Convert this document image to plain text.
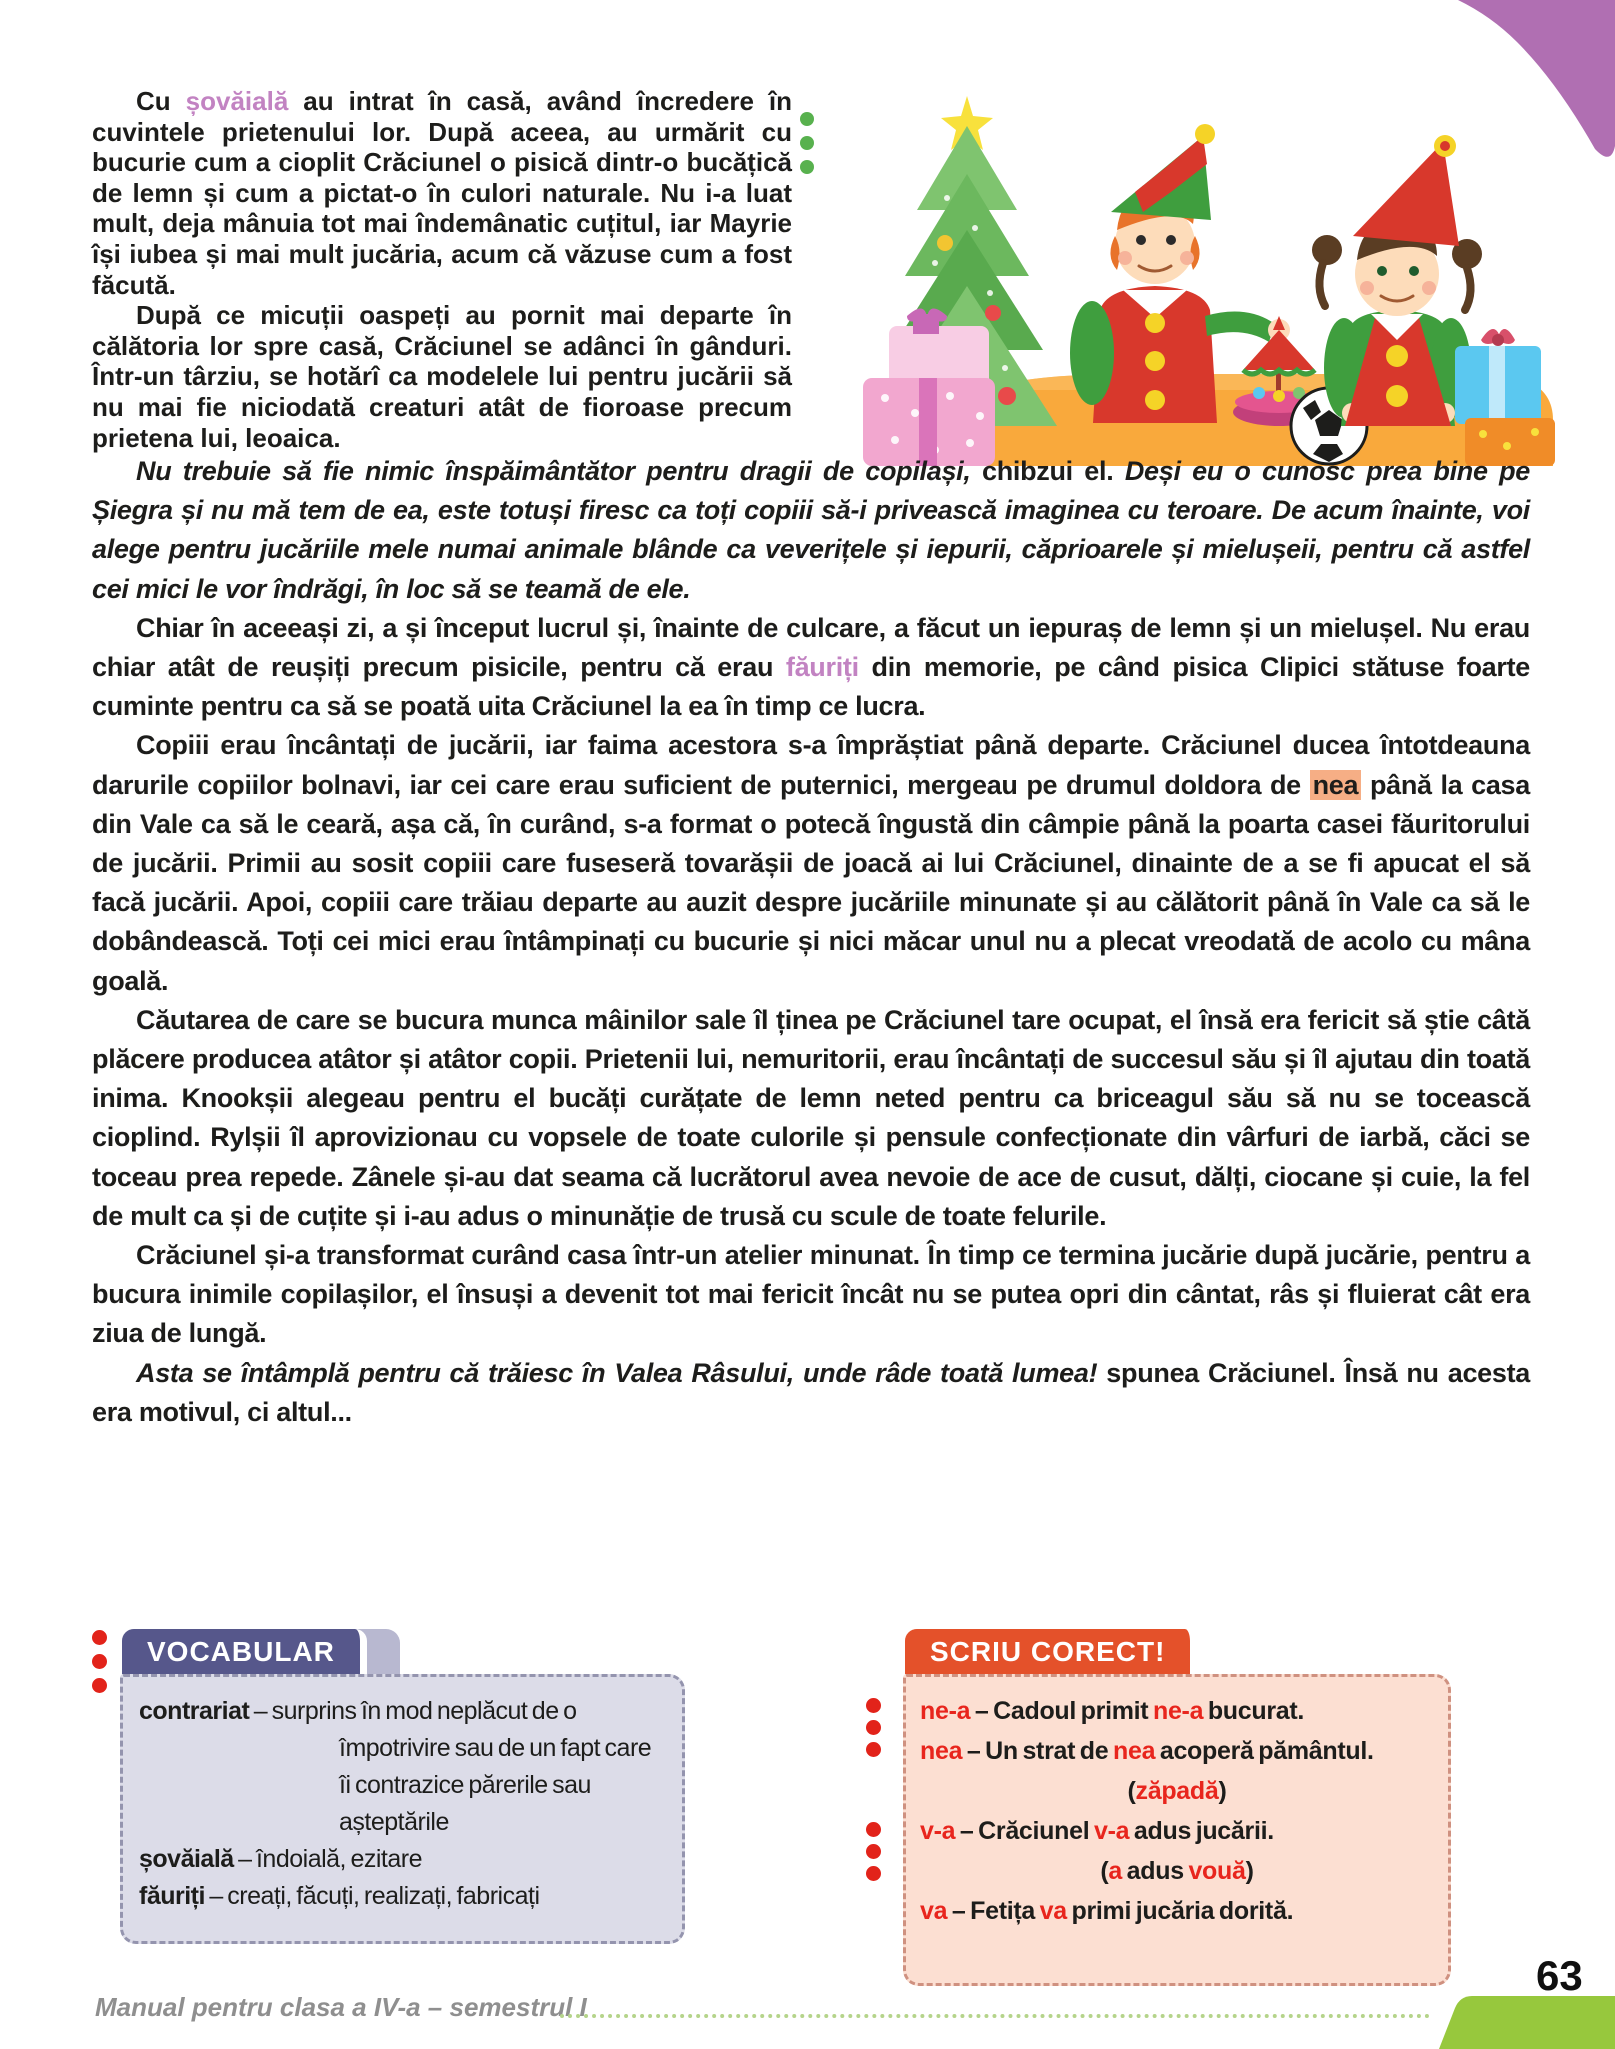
Cu șovăială au intrat în casă, având încredere în cuvintele prietenului lor. După aceea, au urmărit cu bucurie cum a cioplit Crăciunel o pisică dintr-o bucățică de lemn și cum a pictat-o în culori naturale. Nu i-a luat mult, deja mânuia tot mai îndemânatic cuțitul, iar Mayrie își iubea și mai mult jucăria, acum că văzuse cum a fost făcută.

După ce micuții oaspeți au pornit mai departe în călătoria lor spre casă, Crăciunel se adânci în gânduri. Într-un târziu, se hotărî ca modelele lui pentru jucării să nu mai fie niciodată creaturi atât de fioroase precum prietena lui, leoaica.

Nu trebuie să fie nimic înspăimântător pentru dragii de copilași, chibzui el. Deși eu o cunosc prea bine pe Șiegra și nu mă tem de ea, este totuși firesc ca toți copiii să-i privească imaginea cu teroare. De acum înainte, voi alege pentru jucăriile mele numai animale blânde ca veverițele și iepurii, căprioarele și mielușeii, pentru că astfel cei mici le vor îndrăgi, în loc să se teamă de ele.

Chiar în aceeași zi, a și început lucrul și, înainte de culcare, a făcut un iepuraș de lemn și un mielușel. Nu erau chiar atât de reușiți precum pisicile, pentru că erau făuriți din memorie, pe când pisica Clipici stătuse foarte cuminte pentru ca să se poată uita Crăciunel la ea în timp ce lucra.

Copiii erau încântați de jucării, iar faima acestora s-a împrăștiat până departe. Crăciunel ducea întotdeauna darurile copiilor bolnavi, iar cei care erau suficient de puternici, mergeau pe drumul doldora de nea până la casa din Vale ca să le ceară, așa că, în curând, s-a format o potecă îngustă din câmpie până la poarta casei făuritorului de jucării. Primii au sosit copiii care fuseseră tovarășii de joacă ai lui Crăciunel, dinainte de a se fi apucat el să facă jucării. Apoi, copiii care trăiau departe au auzit despre jucăriile minunate și au călătorit până în Vale ca să le dobândească. Toți cei mici erau întâmpinați cu bucurie și nici măcar unul nu a plecat vreodată de acolo cu mâna goală.

Căutarea de care se bucura munca mâinilor sale îl ținea pe Crăciunel tare ocupat, el însă era fericit să știe câtă plăcere producea atâtor și atâtor copii. Prietenii lui, nemuritorii, erau încântați de succesul său și îl ajutau din toată inima. Knookșii alegeau pentru el bucăți curățate de lemn neted pentru ca briceagul său să nu se tocească cioplind. Rylșii îl aprovizionau cu vopsele de toate culorile și pensule confecționate din vârfuri de iarbă, căci se toceau prea repede. Zânele și-au dat seama că lucrătorul avea nevoie de ace de cusut, dălți, ciocane și cuie, la fel de mult ca și de cuțite și i-au adus o minunăție de trusă cu scule de toate felurile.

Crăciunel și-a transformat curând casa într-un atelier minunat. În timp ce termina jucărie după jucărie, pentru a bucura inimile copilașilor, el însuși a devenit tot mai fericit încât nu se putea opri din cântat, râs și fluierat cât era ziua de lungă.

Asta se întâmplă pentru că trăiesc în Valea Râsului, unde râde toată lumea! spunea Crăciunel. Însă nu acesta era motivul, ci altul...

VOCABULAR

contrariat – surprins în mod neplăcut de o împotrivire sau de un fapt care îi contrazice părerile sau așteptările

șovăială – îndoială, ezitare

făuriți – creați, făcuți, realizați, fabricați

SCRIU CORECT!

ne-a – Cadoul primit ne-a bucurat.

nea – Un strat de nea acoperă pământul.

(zăpadă)

v-a – Crăciunel v-a adus jucării.

(a adus vouă)

va – Fetița va primi jucăria dorită.

Manual pentru clasa a IV-a – semestrul I
63
